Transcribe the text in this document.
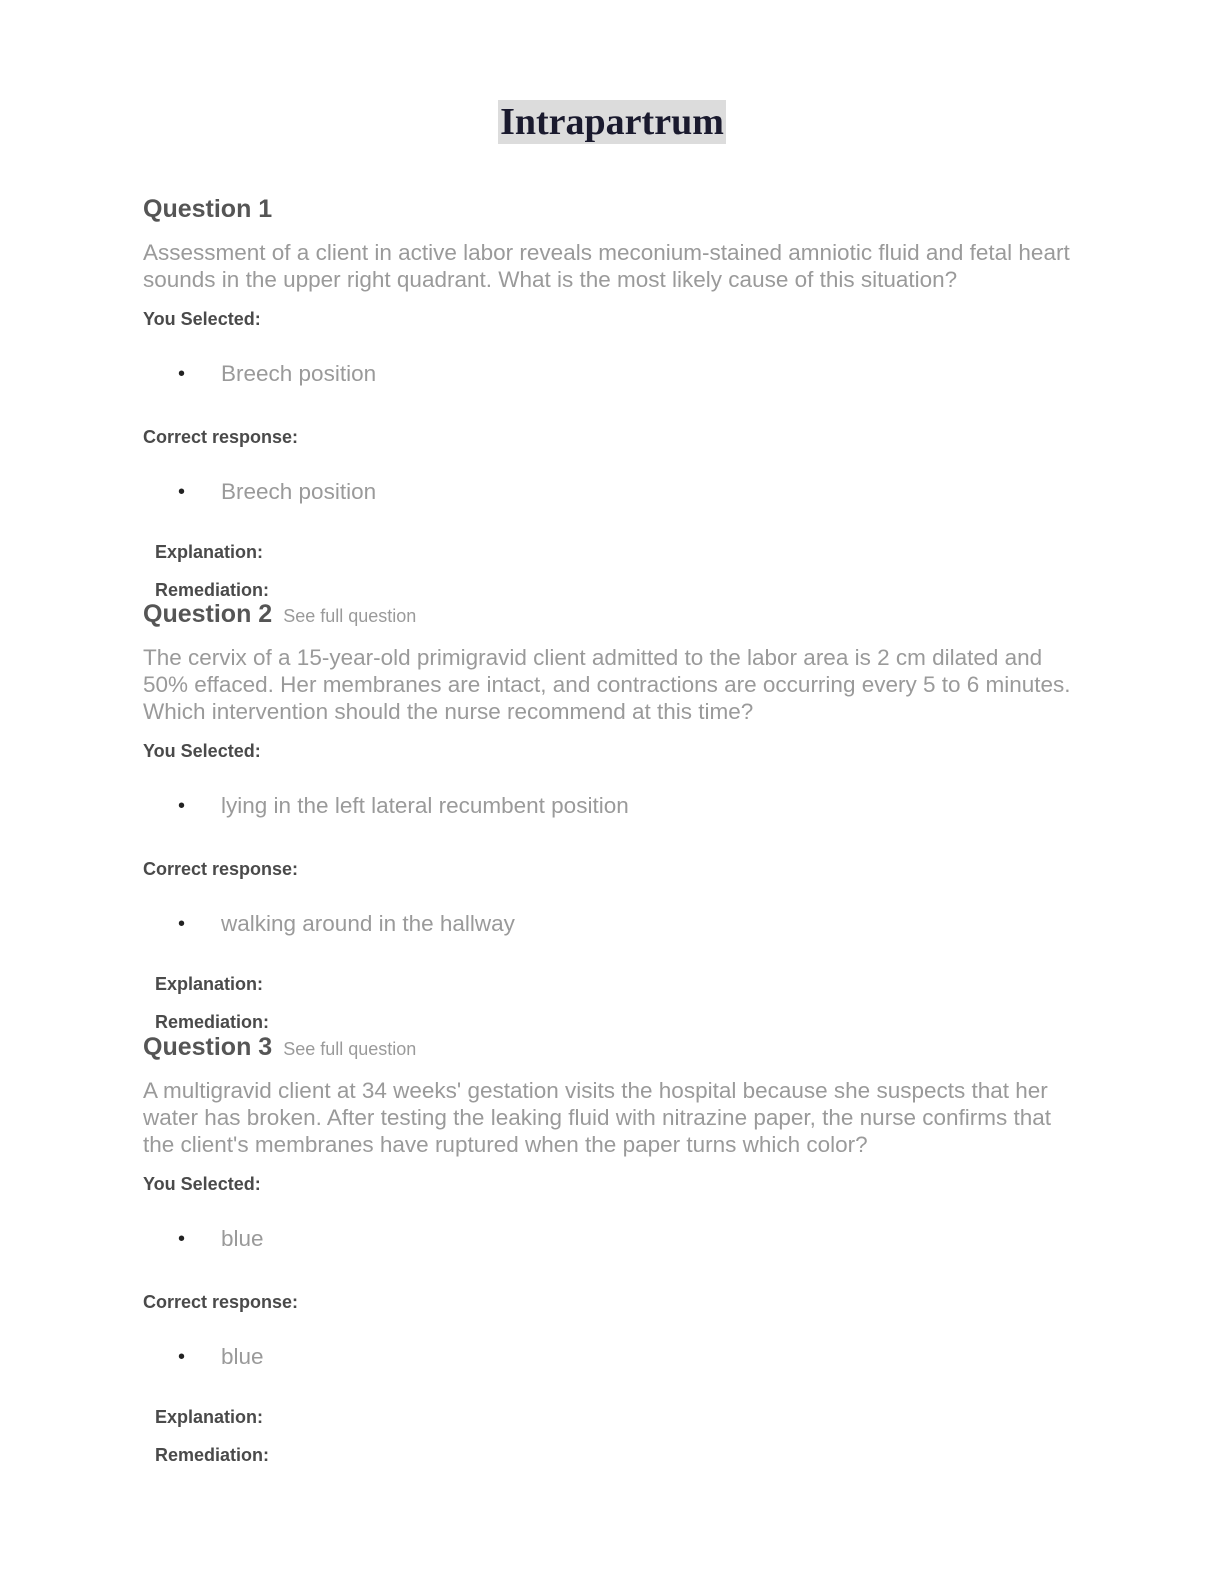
Intrapartrum
Question 1
Assessment of a client in active labor reveals meconium-stained amniotic fluid and fetal heart sounds in the upper right quadrant. What is the most likely cause of this situation?
You Selected:
• Breech position
Correct response:
• Breech position
Explanation:
Remediation:
Question 2 See full question
The cervix of a 15-year-old primigravid client admitted to the labor area is 2 cm dilated and 50% effaced. Her membranes are intact, and contractions are occurring every 5 to 6 minutes. Which intervention should the nurse recommend at this time?
You Selected:
• lying in the left lateral recumbent position
Correct response:
• walking around in the hallway
Explanation:
Remediation:
Question 3 See full question
A multigravid client at 34 weeks' gestation visits the hospital because she suspects that her water has broken. After testing the leaking fluid with nitrazine paper, the nurse confirms that the client's membranes have ruptured when the paper turns which color?
You Selected:
• blue
Correct response:
• blue
Explanation:
Remediation:
